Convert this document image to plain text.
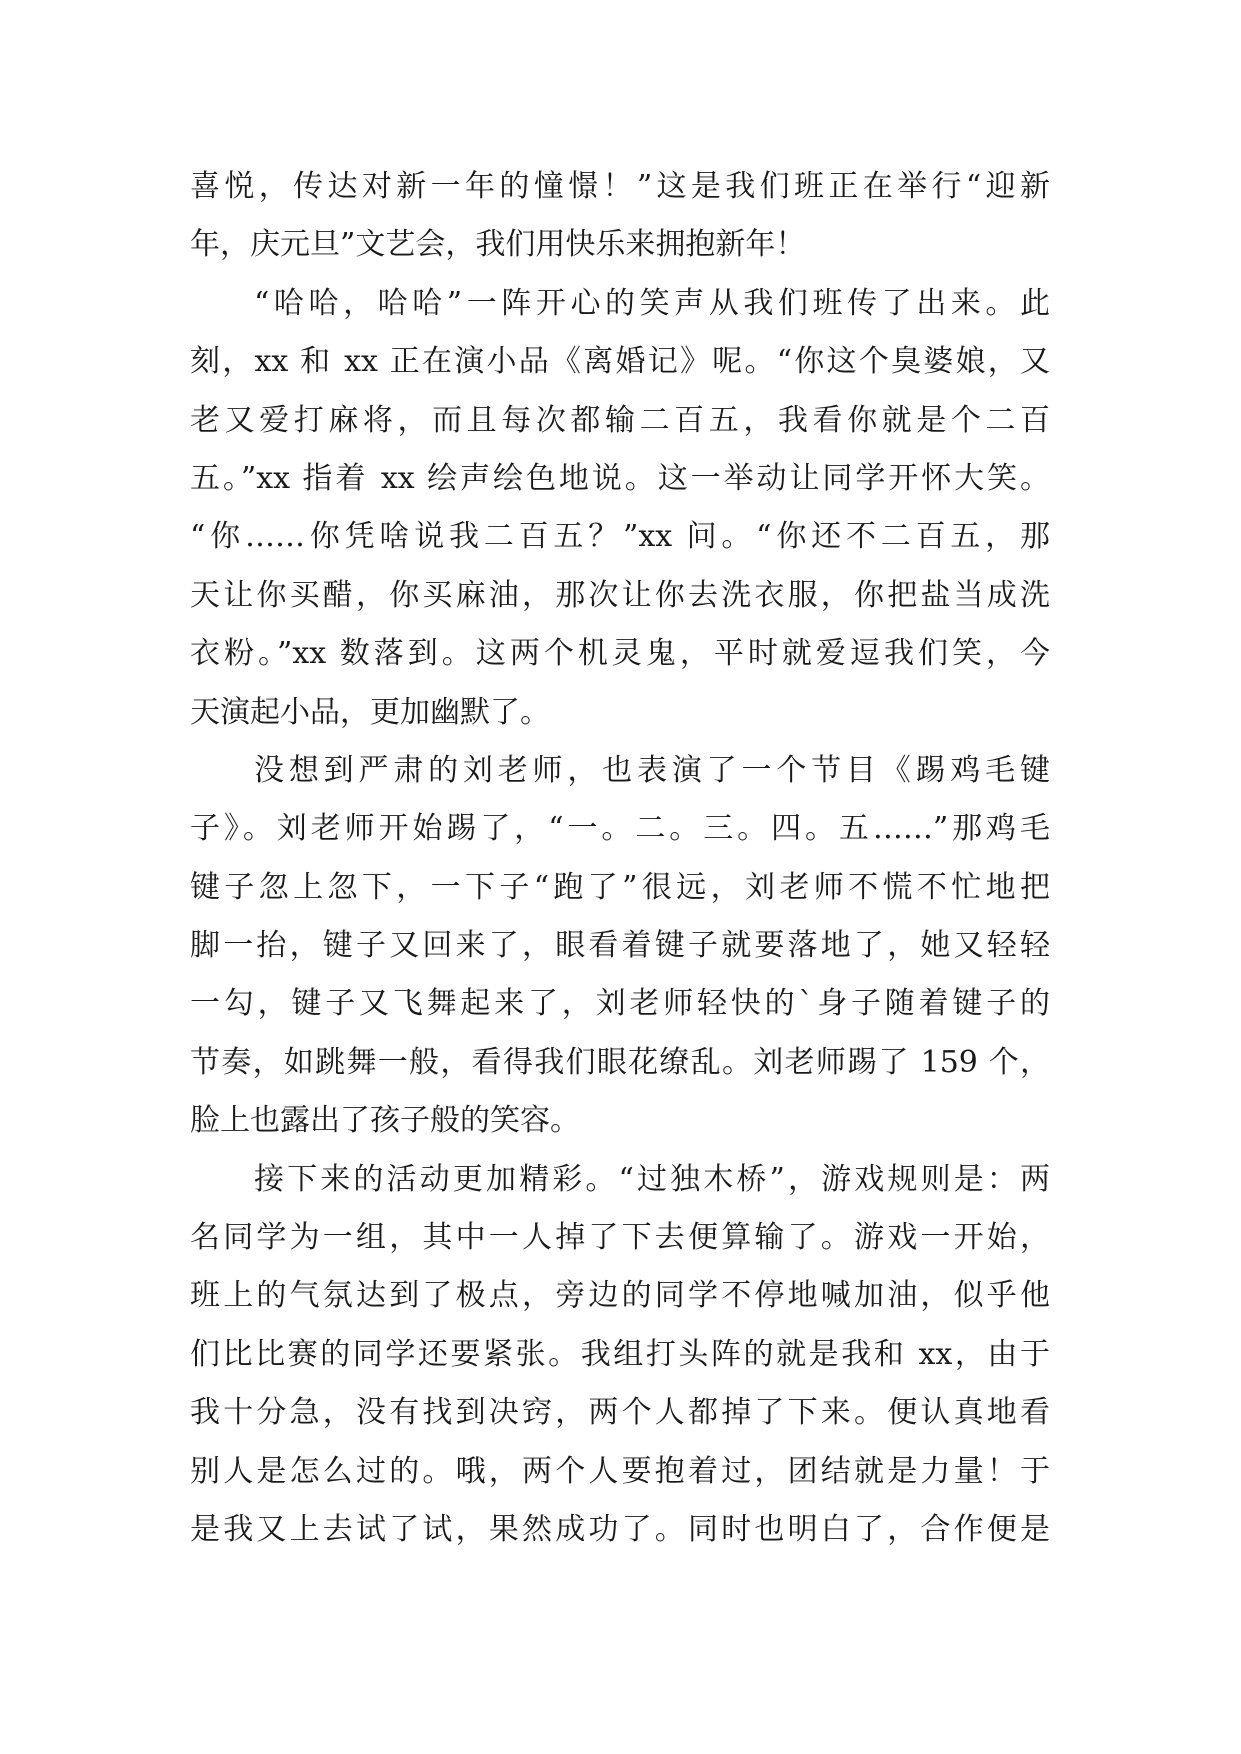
喜悦，传达对新一年的憧憬！”这是我们班正在举行“迎新
年，庆元旦”文艺会，我们用快乐来拥抱新年！
“哈哈，哈哈”一阵开心的笑声从我们班传了出来。此
刻，xx 和 xx 正在演小品《离婚记》呢。“你这个臭婆娘，又
老又爱打麻将，而且每次都输二百五，我看你就是个二百
五。”xx 指着 xx 绘声绘色地说。这一举动让同学开怀大笑。
“你……你凭啥说我二百五？”xx 问。“你还不二百五，那
天让你买醋，你买麻油，那次让你去洗衣服，你把盐当成洗
衣粉。”xx 数落到。这两个机灵鬼，平时就爱逗我们笑，今
天演起小品，更加幽默了。
没想到严肃的刘老师，也表演了一个节目《踢鸡毛键
子》。刘老师开始踢了，“一。二。三。四。五……”那鸡毛
键子忽上忽下，一下子“跑了”很远，刘老师不慌不忙地把
脚一抬，键子又回来了，眼看着键子就要落地了，她又轻轻
一勾，键子又飞舞起来了，刘老师轻快的`身子随着键子的
节奏，如跳舞一般，看得我们眼花缭乱。刘老师踢了 159 个，
脸上也露出了孩子般的笑容。
接下来的活动更加精彩。“过独木桥”，游戏规则是：两
名同学为一组，其中一人掉了下去便算输了。游戏一开始，
班上的气氛达到了极点，旁边的同学不停地喊加油，似乎他
们比比赛的同学还要紧张。我组打头阵的就是我和 xx，由于
我十分急，没有找到决窍，两个人都掉了下来。便认真地看
别人是怎么过的。哦，两个人要抱着过，团结就是力量！于
是我又上去试了试，果然成功了。同时也明白了，合作便是
